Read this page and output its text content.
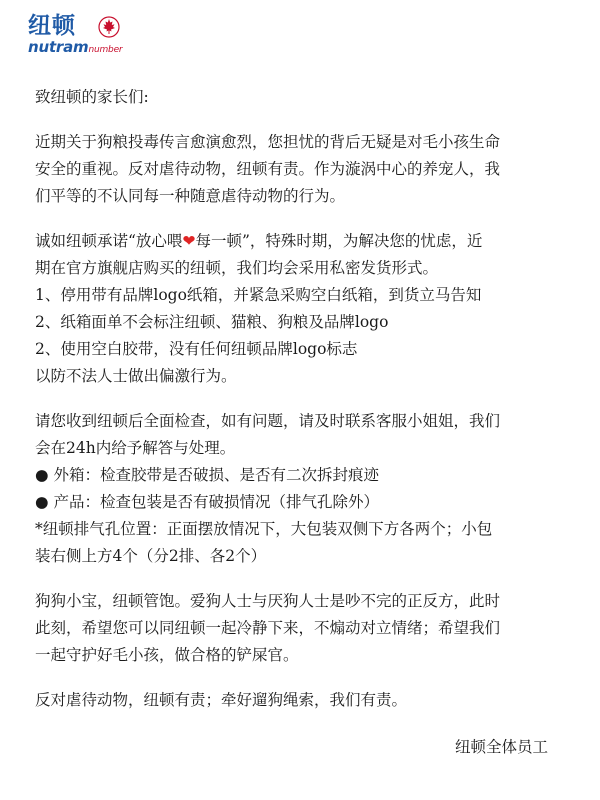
纽顿
nutramnumber
致纽顿的家长们:
近期关于狗粮投毒传言愈演愈烈，您担忧的背后无疑是对毛小孩生命
安全的重视。反对虐待动物，纽顿有责。作为漩涡中心的养宠人，我
们平等的不认同每一种随意虐待动物的行为。
诚如纽顿承诺“放心喂❤每一顿”，特殊时期，为解决您的忧虑，近
期在官方旗舰店购买的纽顿，我们均会采用私密发货形式。
1、停用带有品牌logo纸箱，并紧急采购空白纸箱，到货立马告知
2、纸箱面单不会标注纽顿、猫粮、狗粮及品牌logo
2、使用空白胶带，没有任何纽顿品牌logo标志
以防不法人士做出偏激行为。
请您收到纽顿后全面检查，如有问题，请及时联系客服小姐姐，我们
会在24h内给予解答与处理。
● 外箱：检查胶带是否破损、是否有二次拆封痕迹
● 产品：检查包装是否有破损情况（排气孔除外）
*纽顿排气孔位置：正面摆放情况下，大包装双侧下方各两个；小包
装右侧上方4个（分2排、各2个）
狗狗小宝，纽顿管饱。爱狗人士与厌狗人士是吵不完的正反方，此时
此刻，希望您可以同纽顿一起冷静下来，不煽动对立情绪；希望我们
一起守护好毛小孩，做合格的铲屎官。
反对虐待动物，纽顿有责；牵好遛狗绳索，我们有责。
纽顿全体员工
